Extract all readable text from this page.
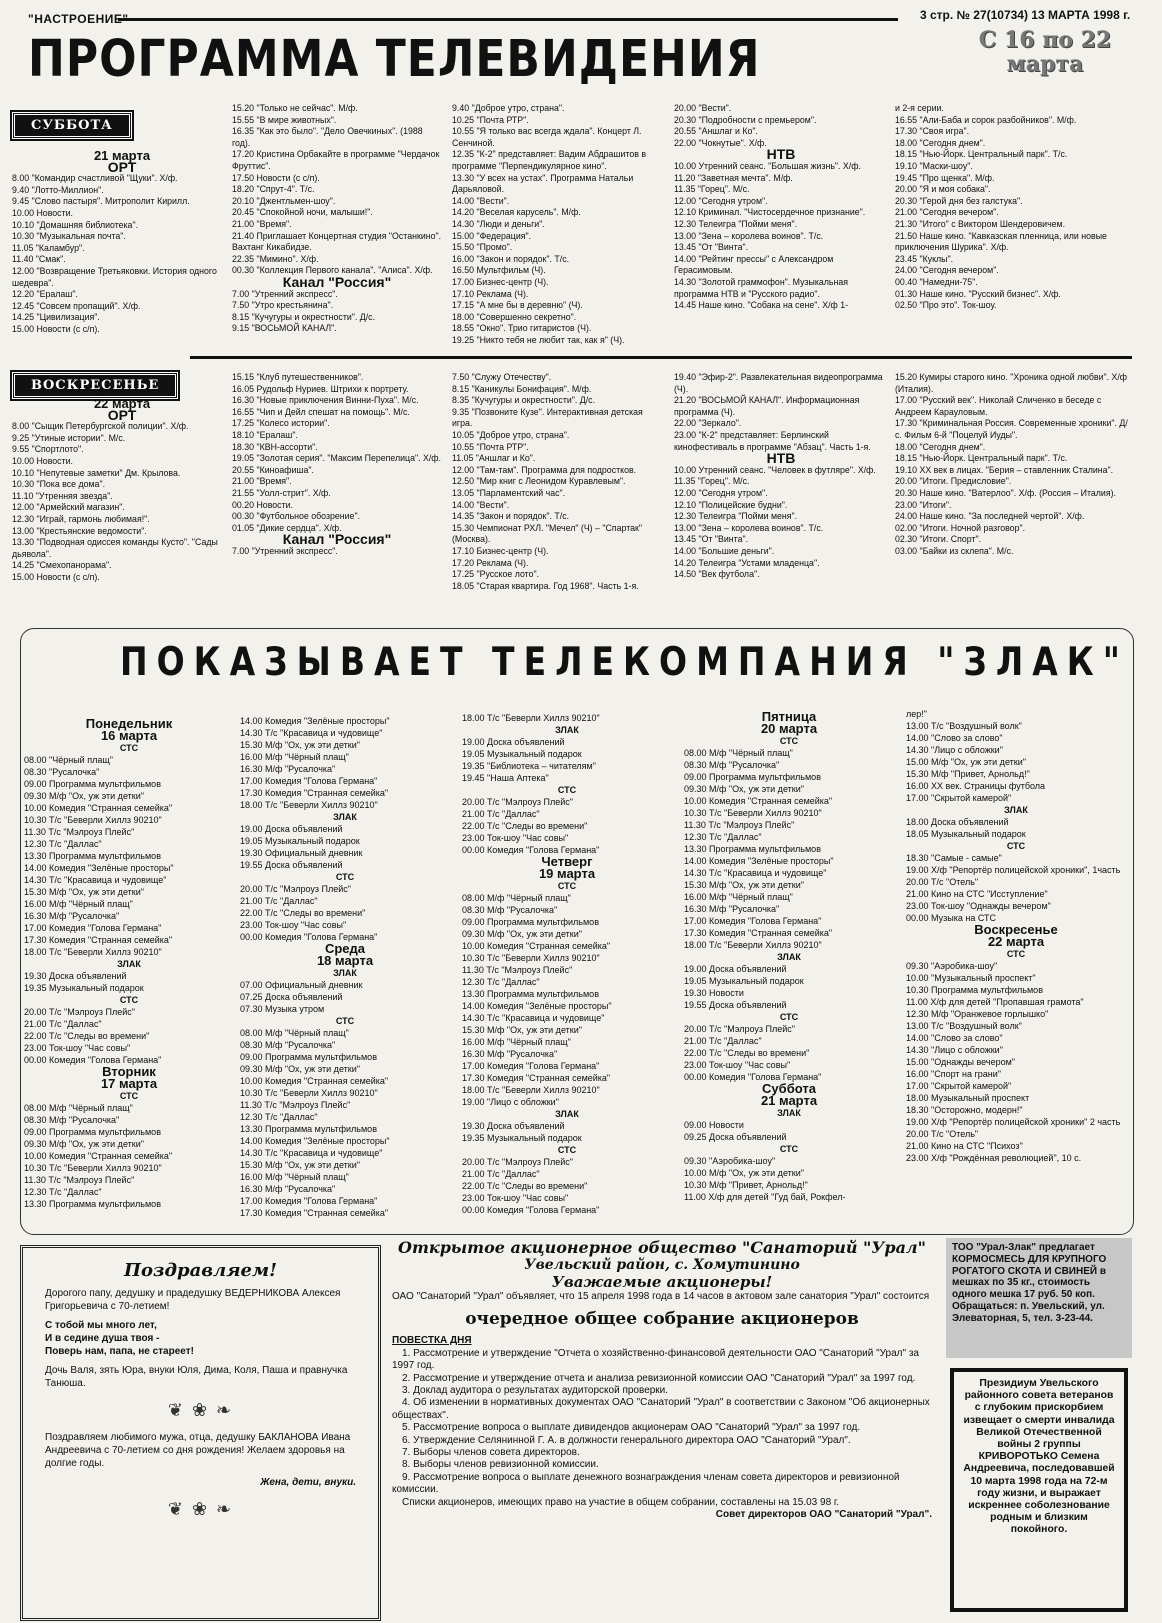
"НАСТРОЕНИЕ"	3 стр. № 27(10734) 13 МАРТА 1998 г.
ПРОГРАММА ТЕЛЕВИДЕНИЯ	С 16 по 22
марта
СУББОТА
21 марта
ОРТ
8.00 "Командир счастливой "Щуки". Х/ф.
9.40 "Лотто-Миллион".
9.45 "Слово пастыря". Митрополит Кирилл.
10.00 Новости.
10.10 "Домашняя библиотека".
10.30 "Музыкальная почта".
11.05 "Каламбур".
11.40 "Смак".
12.00 "Возвращение Третьяковки. История одного шедевра".
12.20 "Ералаш".
12.45 "Совсем пропащий". Х/ф.
14.25 "Цивилизация".
15.00 Новости (с с/п).
15.20 "Только не сейчас". М/ф.
15.55 "В мире животных".
16.35 "Как это было". "Дело Овечкиных". (1988 год).
17.20 Кристина Орбакайте в программе "Чердачок Фруттис".
17.50 Новости (с с/п).
18.20 "Спрут-4". Т/с.
20.10 "Джентльмен-шоу".
20.45 "Спокойной ночи, малыши!".
21.00 "Время".
21.40 Приглашает Концертная студия "Останкино". Вахтанг Кикабидзе.
22.35 "Мимино". Х/ф.
00.30 "Коллекция Первого канала". "Алиса". Х/ф.
Канал "Россия"
7.00 "Утренний экспресс".
7.50 "Утро крестьянина".
8.15 "Кучугуры и окрестности". Д/с.
9.15 "ВОСЬМОЙ КАНАЛ".
9.40 "Доброе утро, страна".
10.25 "Почта РТР".
10.55 "Я только вас всегда ждала". Концерт Л. Сенчиной.
12.35 "К-2" представляет: Вадим Абдрашитов в программе "Перпендикулярное кино".
13.30 "У всех на устах". Программа Натальи Дарьяловой.
14.00 "Вести".
14.20 "Веселая карусель". М/ф.
14.30 "Люди и деньги".
15.00 "Федерация".
15.50 "Промо".
16.00 "Закон и порядок". Т/с.
16.50 Мультфильм (Ч).
17.00 Бизнес-центр (Ч).
17.10 Реклама (Ч).
17.15 "А мне бы в деревню" (Ч).
18.00 "Совершенно секретно".
18.55 "Окно". Трио гитаристов (Ч).
19.25 "Никто тебя не любит так, как я" (Ч).
20.00 "Вести".
20.30 "Подробности с премьером".
20.55 "Аншлаг и Ко".
22.00 "Чокнутые". Х/ф.
НТВ
10.00 Утренний сеанс. "Большая жизнь". Х/ф.
11.20 "Заветная мечта". М/ф.
11.35 "Горец". М/с.
12.00 "Сегодня утром".
12.10 Криминал. "Чистосердечное признание".
12.30 Телеигра "Пойми меня".
13.00 "Зена – королева воинов". Т/с.
13.45 "От "Винта".
14.00 "Рейтинг прессы" с Александром Герасимовым.
14.30 "Золотой граммофон". Музыкальная программа НТВ и "Русского радио".
14.45 Наше кино. "Собака на сене". Х/ф 1-
и 2-я серии.
16.55 "Али-Баба и сорок разбойников". М/ф.
17.30 "Своя игра".
18.00 "Сегодня днем".
18.15 "Нью-Йорк. Центральный парк". Т/с.
19.10 "Маски-шоу".
19.45 "Про щенка". М/ф.
20.00 "Я и моя собака".
20.30 "Герой дня без галстука".
21.00 "Сегодня вечером".
21.30 "Итого" с Виктором Шендеровичем.
21.50 Наше кино. "Кавказская пленница, или новые приключения Шурика". Х/ф.
23.45 "Куклы".
24.00 "Сегодня вечером".
00.40 "Намедни-75".
01.30 Наше кино. "Русский бизнес". Х/ф.
02.50 "Про это". Ток-шоу.
ВОСКРЕСЕНЬЕ
22 марта
ОРТ
8.00 "Сыщик Петербургской полиции". Х/ф.
9.25 "Утиные истории". М/с.
9.55 "Спортлото".
10.00 Новости.
10.10 "Непутевые заметки" Дм. Крылова.
10.30 "Пока все дома".
11.10 "Утренняя звезда".
12.00 "Армейский магазин".
12.30 "Играй, гармонь любимая!".
13.00 "Крестьянские ведомости".
13.30 "Подводная одиссея команды Кусто". "Сады дьявола".
14.25 "Смехопанорама".
15.00 Новости (с с/п).
15.15 "Клуб путешественников".
16.05 Рудольф Нуриев. Штрихи к портрету.
16.30 "Новые приключения Винни-Пуха". М/с.
16.55 "Чип и Дейл спешат на помощь". М/с.
17.25 "Колесо истории".
18.10 "Ералаш".
18.30 "КВН-ассорти".
19.05 "Золотая серия". "Максим Перепелица". Х/ф.
20.55 "Киноафиша".
21.00 "Время".
21.55 "Уолл-стрит". Х/ф.
00.20 Новости.
00.30 "Футбольное обозрение".
01.05 "Дикие сердца". Х/ф.
Канал "Россия"
7.00 "Утренний экспресс".
7.50 "Служу Отечеству".
8.15 "Каникулы Бонифация". М/ф.
8.35 "Кучугуры и окрестности". Д/с.
9.35 "Позвоните Кузе". Интерактивная детская игра.
10.05 "Доброе утро, страна".
10.55 "Почта РТР".
11.05 "Аншлаг и Ко".
12.00 "Там-там". Программа для подростков.
12.50 "Мир книг с Леонидом Куравлевым".
13.05 "Парламентский час".
14.00 "Вести".
14.35 "Закон и порядок". Т/с.
15.30 Чемпионат РХЛ. "Мечел" (Ч) – "Спартак" (Москва).
17.10 Бизнес-центр (Ч).
17.20 Реклама (Ч).
17.25 "Русское лото".
18.05 "Старая квартира. Год 1968". Часть 1-я.
19.40 "Эфир-2". Развлекательная видеопрограмма (Ч).
21.20 "ВОСЬМОЙ КАНАЛ". Информационная программа (Ч).
22.00 "Зеркало".
23.00 "К-2" представляет: Берлинский кинофестиваль в программе "Абзац". Часть 1-я.
НТВ
10.00 Утренний сеанс. "Человек в футляре". Х/ф.
11.35 "Горец". М/с.
12.00 "Сегодня утром".
12.10 "Полицейские будни".
12.30 Телеигра "Пойми меня".
13.00 "Зена – королева воинов". Т/с.
13.45 "От "Винта".
14.00 "Большие деньги".
14.20 Телеигра "Устами младенца".
14.50 "Век футбола".
15.20 Кумиры старого кино. "Хроника одной любви". Х/ф (Италия).
17.00 "Русский век". Николай Сличенко в беседе с Андреем Карауловым.
17.30 "Криминальная Россия. Современные хроники". Д/с. Фильм 6-й "Поцелуй Иуды".
18.00 "Сегодня днем".
18.15 "Нью-Йорк. Центральный парк". Т/с.
19.10 XX век в лицах. "Берия – ставленник Сталина".
20.00 "Итоги. Предисловие".
20.30 Наше кино. "Ватерлоо". Х/ф. (Россия – Италия).
23.00 "Итоги".
24.00 Наше кино. "За последней чертой". Х/ф.
02.00 "Итоги. Ночной разговор".
02.30 "Итоги. Спорт".
03.00 "Байки из склепа". М/с.
ПОКАЗЫВАЕТ ТЕЛЕКОМПАНИЯ "ЗЛАК"
Понедельник
16 марта
СТС
08.00 "Чёрный плащ"
08.30 "Русалочка"
09.00 Программа мультфильмов
09.30 М/ф "Ох, уж эти детки"
10.00 Комедия "Странная семейка"
10.30 Т/с "Беверли Хиллз 90210"
11.30 Т/с "Мэлроуз Плейс"
12.30 Т/с "Даллас"
13.30 Программа мультфильмов
14.00 Комедия "Зелёные просторы"
14.30 Т/с "Красавица и чудовище"
15.30 М/ф "Ох, уж эти детки"
16.00 М/ф "Чёрный плащ"
16.30 М/ф "Русалочка"
17.00 Комедия "Голова Германа"
17.30 Комедия "Странная семейка"
18.00 Т/с "Беверли Хиллз 90210"
ЗЛАК
19.30 Доска объявлений
19.35 Музыкальный подарок
СТС
20.00 Т/с "Мэлроуз Плейс"
21.00 Т/с "Даллас"
22.00 Т/с "Следы во времени"
23.00 Ток-шоу "Час совы"
00.00 Комедия "Голова Германа"
Вторник
17 марта
СТС
08.00 М/ф "Чёрный плащ"
08.30 М/ф "Русалочка"
09.00 Программа мультфильмов
09.30 М/ф "Ох, уж эти детки"
10.00 Комедия "Странная семейка"
10.30 Т/с "Беверли Хиллз 90210"
11.30 Т/с "Мэлроуз Плейс"
12.30 Т/с "Даллас"
13.30 Программа мультфильмов
14.00 Комедия "Зелёные просторы"
14.30 Т/с "Красавица и чудовище"
15.30 М/ф "Ох, уж эти детки"
16.00 М/ф "Чёрный плащ"
16.30 М/ф "Русалочка"
17.00 Комедия "Голова Германа"
17.30 Комедия "Странная семейка"
18.00 Т/с "Беверли Хиллз 90210"
ЗЛАК
19.00 Доска объявлений
19.05 Музыкальный подарок
19.30 Официальный дневник
19.55 Доска объявлений
СТС
20.00 Т/с "Мэлроуз Плейс"
21.00 Т/с "Даллас"
22.00 Т/с "Следы во времени"
23.00 Ток-шоу "Час совы"
00.00 Комедия "Голова Германа"
Среда
18 марта
ЗЛАК
07.00 Официальный дневник
07.25 Доска объявлений
07.30 Музыка утром
СТС
08.00 М/ф "Чёрный плащ"
08.30 М/ф "Русалочка"
09.00 Программа мультфильмов
09.30 М/ф "Ох, уж эти детки"
10.00 Комедия "Странная семейка"
10.30 Т/с "Беверли Хиллз 90210"
11.30 Т/с "Мэлроуз Плейс"
12.30 Т/с "Даллас"
13.30 Программа мультфильмов
14.00 Комедия "Зелёные просторы"
14.30 Т/с "Красавица и чудовище"
15.30 М/ф "Ох, уж эти детки"
16.00 М/ф "Чёрный плащ"
16.30 М/ф "Русалочка"
17.00 Комедия "Голова Германа"
17.30 Комедия "Странная семейка"
18.00 Т/с "Беверли Хиллз 90210"
ЗЛАК
19.00 Доска объявлений
19.05 Музыкальный подарок
19.35 "Библиотека – читателям"
19.45 "Наша Аптека"
СТС
20.00 Т/с "Мэлроуз Плейс"
21.00 Т/с "Даллас"
22.00 Т/с "Следы во времени"
23.00 Ток-шоу "Час совы"
00.00 Комедия "Голова Германа"
Четверг
19 марта
СТС
08.00 М/ф "Чёрный плащ"
08.30 М/ф "Русалочка"
09.00 Программа мультфильмов
09.30 М/ф "Ох, уж эти детки"
10.00 Комедия "Странная семейка"
10.30 Т/с "Беверли Хиллз 90210"
11.30 Т/с "Мэлроуз Плейс"
12.30 Т/с "Даллас"
13.30 Программа мультфильмов
14.00 Комедия "Зелёные просторы"
14.30 Т/с "Красавица и чудовище"
15.30 М/ф "Ох, уж эти детки"
16.00 М/ф "Чёрный плащ"
16.30 М/ф "Русалочка"
17.00 Комедия "Голова Германа"
17.30 Комедия "Странная семейка"
18.00 Т/с "Беверли Хиллз 90210"
19.00 "Лицо с обложки"
ЗЛАК
19.30 Доска объявлений
19.35 Музыкальный подарок
СТС
20.00 Т/с "Мэлроуз Плейс"
21.00 Т/с "Даллас"
22.00 Т/с "Следы во времени"
23.00 Ток-шоу "Час совы"
00.00 Комедия "Голова Германа"
Пятница
20 марта
СТС
08.00 М/ф "Чёрный плащ"
08.30 М/ф "Русалочка"
09.00 Программа мультфильмов
09.30 М/ф "Ох, уж эти детки"
10.00 Комедия "Странная семейка"
10.30 Т/с "Беверли Хиллз 90210"
11.30 Т/с "Мэлроуз Плейс"
12.30 Т/с "Даллас"
13.30 Программа мультфильмов
14.00 Комедия "Зелёные просторы"
14.30 Т/с "Красавица и чудовище"
15.30 М/ф "Ох, уж эти детки"
16.00 М/ф "Чёрный плащ"
16.30 М/ф "Русалочка"
17.00 Комедия "Голова Германа"
17.30 Комедия "Странная семейка"
18.00 Т/с "Беверли Хиллз 90210"
ЗЛАК
19.00 Доска объявлений
19.05 Музыкальный подарок
19.30 Новости
19.55 Доска объявлений
СТС
20.00 Т/с "Мэлроуз Плейс"
21.00 Т/с "Даллас"
22.00 Т/с "Следы во времени"
23.00 Ток-шоу "Час совы"
00.00 Комедия "Голова Германа"
Суббота
21 марта
ЗЛАК
09.00 Новости
09.25 Доска объявлений
СТС
09.30 "Аэробика-шоу"
10.00 М/ф "Ох, уж эти детки"
10.30 М/ф "Привет, Арнольд!"
11.00 Х/ф для детей "Гуд бай, Рокфел-
лер!"
13.00 Т/с "Воздушный волк"
14.00 "Слово за слово"
14.30 "Лицо с обложки"
15.00 М/ф "Ох, уж эти детки"
15.30 М/ф "Привет, Арнольд!"
16.00 XX век. Страницы футбола
17.00 "Скрытой камерой"
ЗЛАК
18.00 Доска объявлений
18.05 Музыкальный подарок
СТС
18.30 "Самые - самые"
19.00 Х/ф "Репортёр полицейской хроники", 1часть
20.00 Т/с "Отель"
21.00 Кино на СТС "Исступление"
23.00 Ток-шоу "Однажды вечером"
00.00 Музыка на СТС
Воскресенье
22 марта
СТС
09.30 "Аэробика-шоу"
10.00 "Музыкальный проспект"
10.30 Программа мультфильмов
11.00 Х/ф для детей "Пропавшая грамота"
12.30 М/ф "Оранжевое горлышко"
13.00 Т/с "Воздушный волк"
14.00 "Слово за слово"
14.30 "Лицо с обложки"
15.00 "Однажды вечером"
16.00 "Спорт на грани"
17.00 "Скрытой камерой"
18.00 Музыкальный проспект
18.30 "Осторожно, модерн!"
19.00 Х/ф "Репортёр полицейской хроники" 2 часть
20.00 Т/с "Отель"
21.00 Кино на СТС "Психоз"
23.00 Х/ф "Рождённая революцией", 10 с.
Поздравляем!

Дорогого папу, дедушку и прадедушку ВЕДЕРНИКОВА Алексея Григорьевича с 70-летием!

С тобой мы много лет,
И в седине душа твоя -
Поверь нам, папа, не стареет!

Дочь Валя, зять Юра, внуки Юля, Дима, Коля, Паша и правнучка Танюша.

❦ ❀ ❧

Поздравляем любимого мужа, отца, дедушку БАКЛАНОВА Ивана Андреевича с 70-летием со дня рождения! Желаем здоровья на долгие годы.

Жена, дети, внуки.

❦ ❀ ❧
Открытое акционерное общество "Санаторий "Урал"
Увельский район, с. Хомутинино
Уважаемые акционеры!

ОАО "Санаторий "Урал" объявляет, что 15 апреля 1998 года в 14 часов в актовом зале санатория "Урал" состоится

очередное общее собрание акционеров

ПОВЕСТКА ДНЯ

1. Рассмотрение и утверждение "Отчета о хозяйственно-финансовой деятельности ОАО "Санаторий "Урал" за 1997 год.

2. Рассмотрение и утверждение отчета и анализа ревизионной комиссии ОАО "Санаторий "Урал" за 1997 год.

3. Доклад аудитора о результатах аудиторской проверки.

4. Об изменении в нормативных документах ОАО "Санаторий "Урал" в соответствии с Законом "Об акционерных обществах".

5. Рассмотрение вопроса о выплате дивидендов акционерам ОАО "Санаторий "Урал" за 1997 год.

6. Утверждение Селянинной Г. А. в должности генерального директора ОАО "Санаторий "Урал".

7. Выборы членов совета директоров.

8. Выборы членов ревизионной комиссии.

9. Рассмотрение вопроса о выплате денежного вознаграждения членам совета директоров и ревизионной комиссии.

Списки акционеров, имеющих право на участие в общем собрании, составлены на 15.03 98 г.

Совет директоров ОАО "Санаторий "Урал".

ТОО "Урал-Злак" предлагает КОРМОСМЕСЬ ДЛЯ КРУПНОГО РОГАТОГО СКОТА И СВИНЕЙ в мешках по 35 кг., стоимость одного мешка 17 руб. 50 коп. Обращаться: п. Увельский, ул. Элеваторная, 5, тел. 3-23-44.
Президиум Увельского районного совета ветеранов с глубоким прискорбием извещает о смерти инвалида Великой Отечественной войны 2 группы КРИВОРОТЬКО Семена Андреевича, последовавшей 10 марта 1998 года на 72-м году жизни, и выражает искреннее соболезнование родным и близким покойного.
